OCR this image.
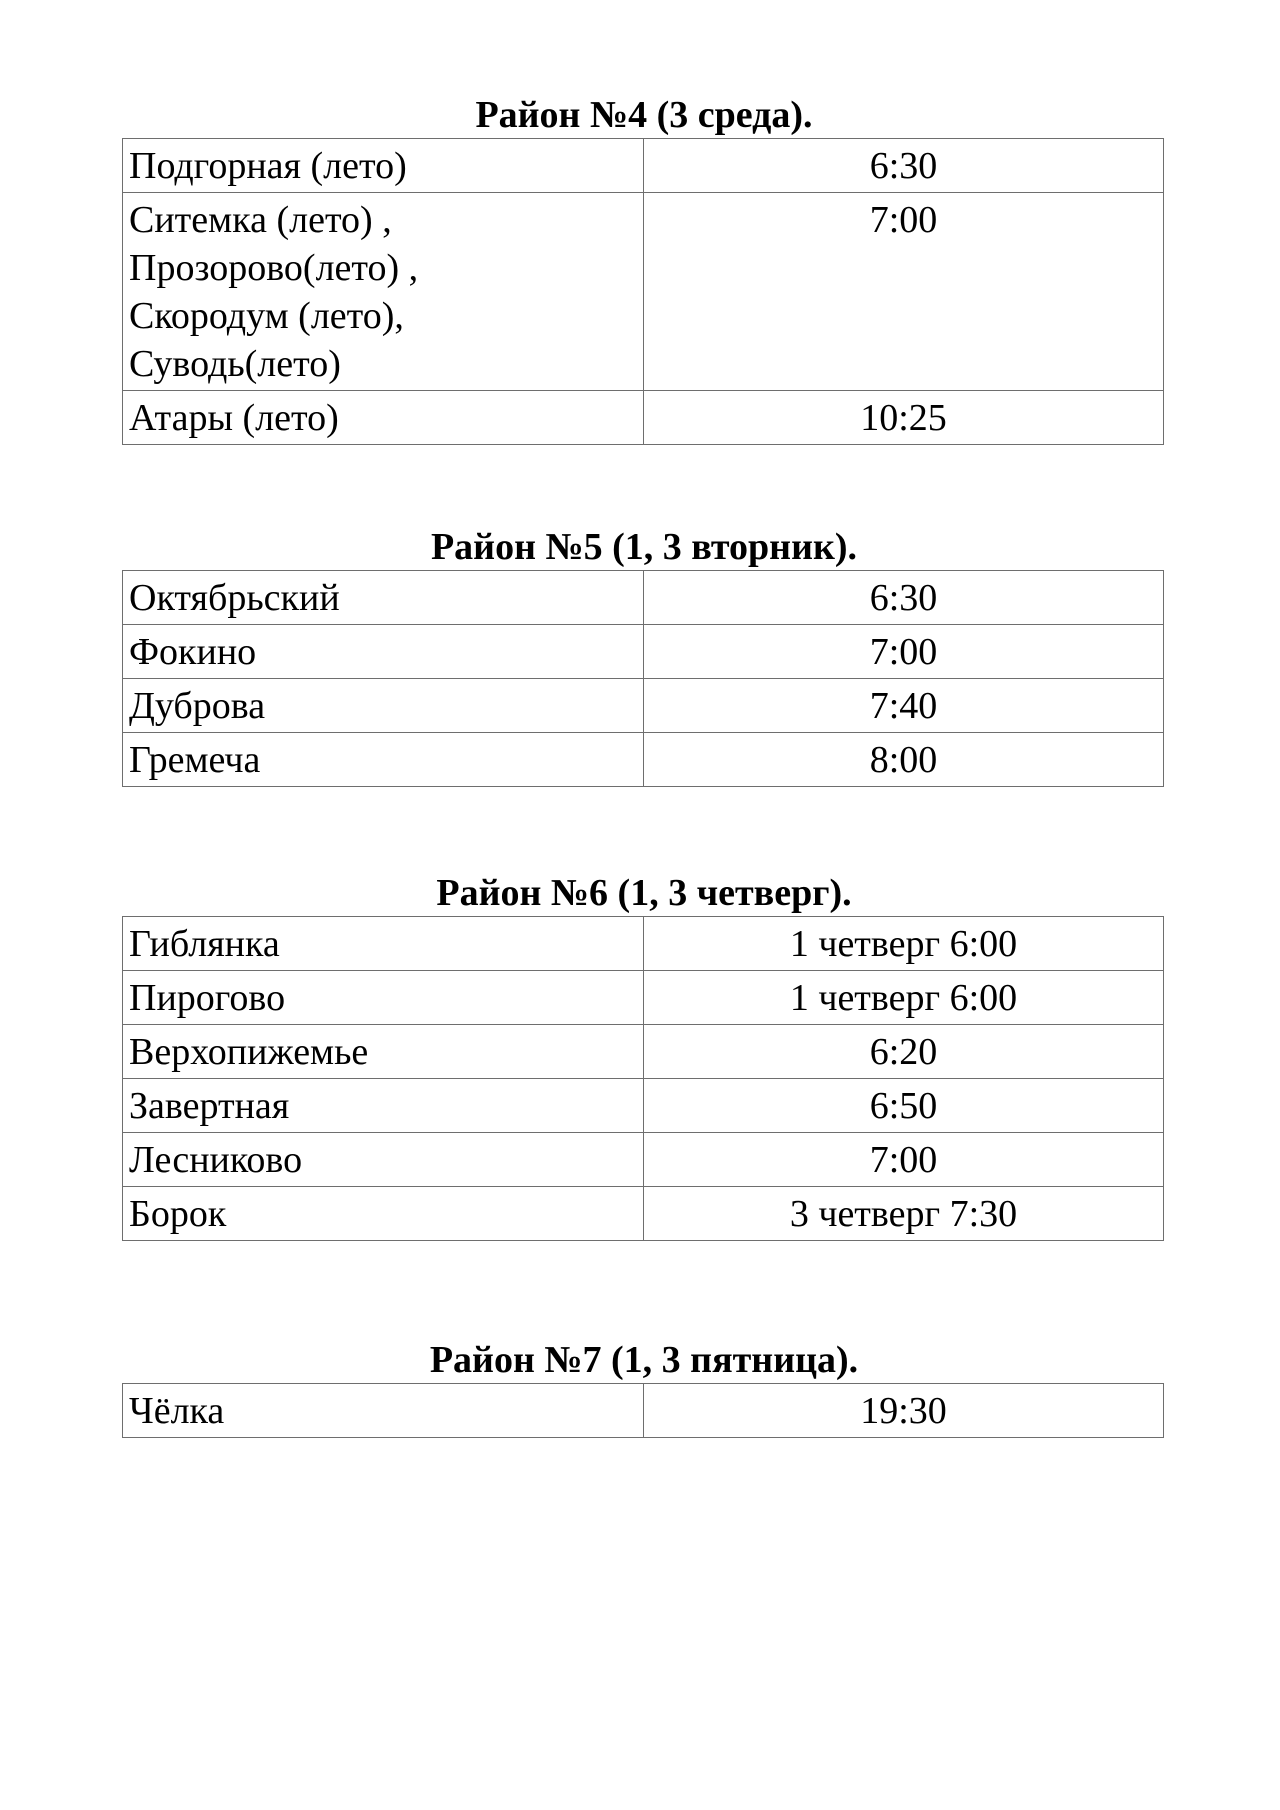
Район №4 (3 среда).
Подгорная (лето)	6:30

Ситемка (лето) ,
Прозорово(лето) ,
Скородум (лето),
Суводь(лето)	7:00

Атары (лето)	10:25
Район №5 (1, 3 вторник).
Октябрьский	6:30

Фокино	7:00

Дуброва	7:40

Гремеча	8:00
Район №6 (1, 3 четверг).
Гиблянка	1 четверг 6:00

Пирогово	1 четверг 6:00

Верхопижемье	6:20

Завертная	6:50

Лесниково	7:00

Борок	3 четверг 7:30
Район №7 (1, 3 пятница).
Чёлка	19:30
